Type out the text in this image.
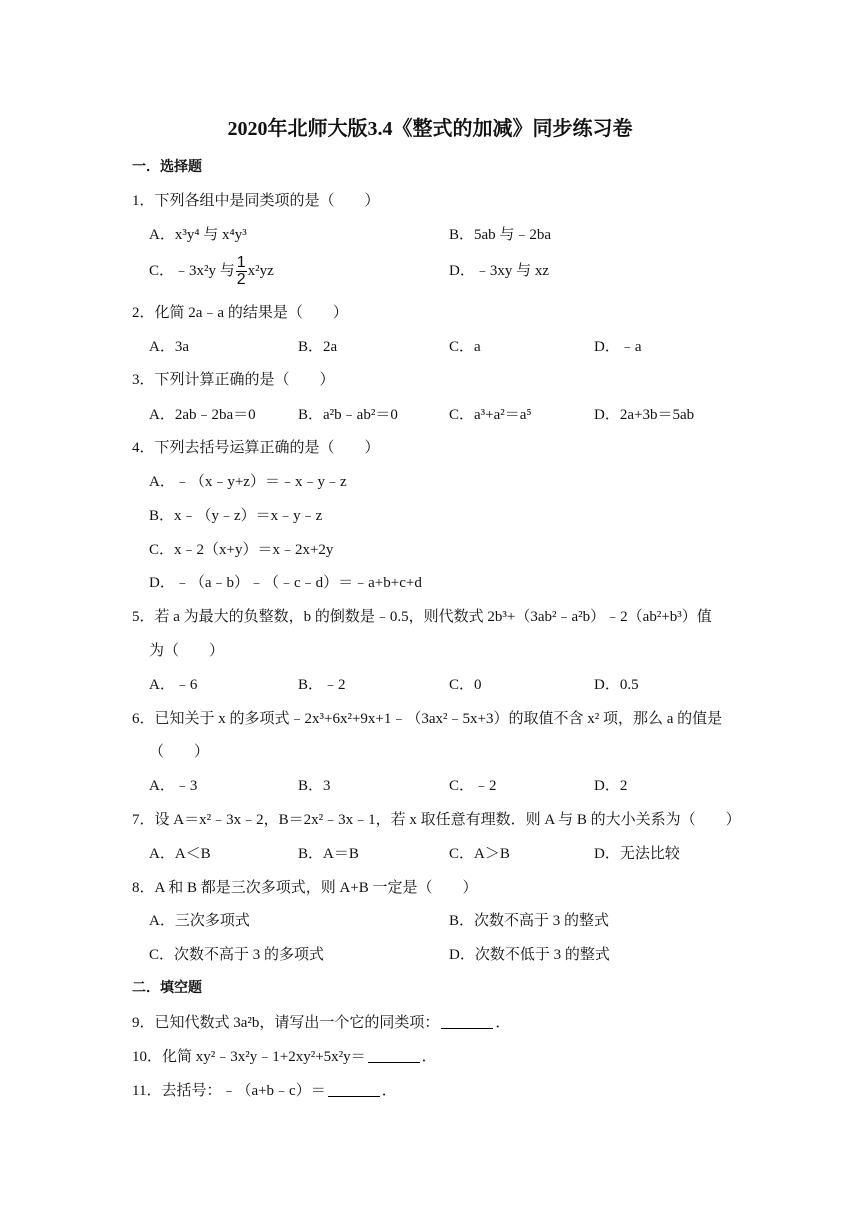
2020年北师大版3.4《整式的加减》同步练习卷
一．选择题
1．下列各组中是同类项的是（　　）
A．x³y⁴ 与 x⁴y³	B．5ab 与﹣2ba
C．﹣3x²y 与 $\frac{1}{2} x^2yz$	D．﹣3xy 与 xz
2．化简 2a﹣a 的结果是（　　）
A．3a	B．2a	C．a	D．﹣a
3．下列计算正确的是（　　）
A．2ab﹣2ba＝0	B．a²b﹣ab²＝0	C．a³+a²＝a⁵	D．2a+3b＝5ab
4．下列去括号运算正确的是（　　）
A．﹣（x﹣y+z）＝﹣x﹣y﹣z
B．x﹣（y﹣z）＝x﹣y﹣z
C．x﹣2（x+y）＝x﹣2x+2y
D．﹣（a﹣b）﹣（﹣c﹣d）＝﹣a+b+c+d
5．若 a 为最大的负整数，b 的倒数是﹣0.5，则代数式 2b³+（3ab²﹣a²b）﹣2（ab²+b³）值
为（　　）
A．﹣6	B．﹣2	C．0	D．0.5
6．已知关于 x 的多项式﹣2x³+6x²+9x+1﹣（3ax²﹣5x+3）的取值不含 x² 项，那么 a 的值是
（　　）
A．﹣3	B．3	C．﹣2	D．2
7．设 A＝x²﹣3x﹣2，B＝2x²﹣3x﹣1，若 x 取任意有理数．则 A 与 B 的大小关系为（　　）
A．A＜B	B．A＝B	C．A＞B	D．无法比较
8．A 和 B 都是三次多项式，则 A+B 一定是（　　）
A．三次多项式	B．次数不高于 3 的整式
C．次数不高于 3 的多项式	D．次数不低于 3 的整式
二．填空题
9．已知代数式 3a²b，请写出一个它的同类项：	．
10．化简 xy²﹣3x²y﹣1+2xy²+5x²y＝	．
11．去括号：﹣（a+b﹣c）＝	．
